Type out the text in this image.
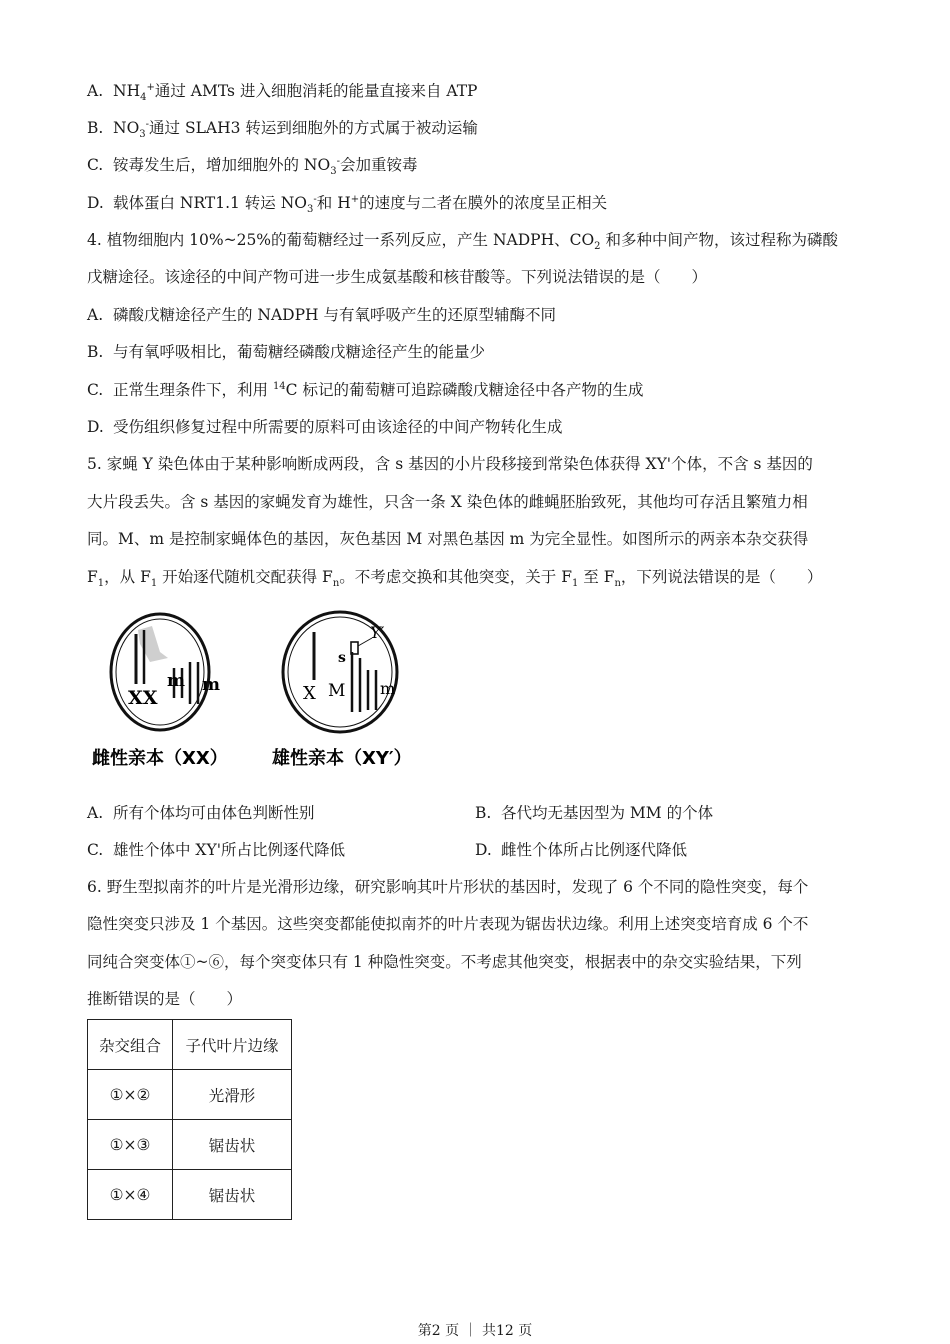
A. $NH_4^+$通过 AMTs 进入细胞消耗的能量直接来自 ATP
B. $NO_3^-$通过 SLAH3 转运到细胞外的方式属于被动运输
C. 铵毒发生后，增加细胞外的 $NO_3^-$会加重铵毒
D. 载体蛋白 NRT1.1 转运 $NO_3^-$和 H+的速度与二者在膜外的浓度呈正相关
4. 植物细胞内 10%~25%的葡萄糖经过一系列反应，产生 NADPH、$CO_2$ 和多种中间产物，该过程称为磷酸
戊糖途径。该途径的中间产物可进一步生成氨基酸和核苷酸等。下列说法错误的是（　　）
A. 磷酸戊糖途径产生的 NADPH 与有氧呼吸产生的还原型辅酶不同
B. 与有氧呼吸相比，葡萄糖经磷酸戊糖途径产生的能量少
C. 正常生理条件下，利用 $^{14}$C 标记的葡萄糖可追踪磷酸戊糖途径中各产物的生成
D. 受伤组织修复过程中所需要的原料可由该途径的中间产物转化生成
5. 家蝇 Y 染色体由于某种影响断成两段，含 s 基因的小片段移接到常染色体获得 XY'个体，不含 s 基因的
大片段丢失。含 s 基因的家蝇发育为雄性，只含一条 X 染色体的雌蝇胚胎致死，其他均可存活且繁殖力相
同。M、m 是控制家蝇体色的基因，灰色基因 M 对黑色基因 m 为完全显性。如图所示的两亲本杂交获得
$F_1$，从 $F_1$ 开始逐代随机交配获得 $F_n$。不考虑交换和其他突变，关于 $F_1$ 至 $F_n$，下列说法错误的是（　　）
XX
m m	X M m
s
Y′
雌性亲本（XX） 雄性亲本（XY′）
A. 所有个体均可由体色判断性别	B. 各代均无基因型为 MM 的个体
C. 雄性个体中 XY'所占比例逐代降低	D. 雌性个体所占比例逐代降低
6. 野生型拟南芥的叶片是光滑形边缘，研究影响其叶片形状的基因时，发现了 6 个不同的隐性突变，每个
隐性突变只涉及 1 个基因。这些突变都能使拟南芥的叶片表现为锯齿状边缘。利用上述突变培育成 6 个不
同纯合突变体①~⑥，每个突变体只有 1 种隐性突变。不考虑其他突变，根据表中的杂交实验结果，下列
推断错误的是（　　）
杂交组合	子代叶片边缘
①×②	光滑形
①×③	锯齿状
①×④	锯齿状
第2 页 ｜ 共12 页
